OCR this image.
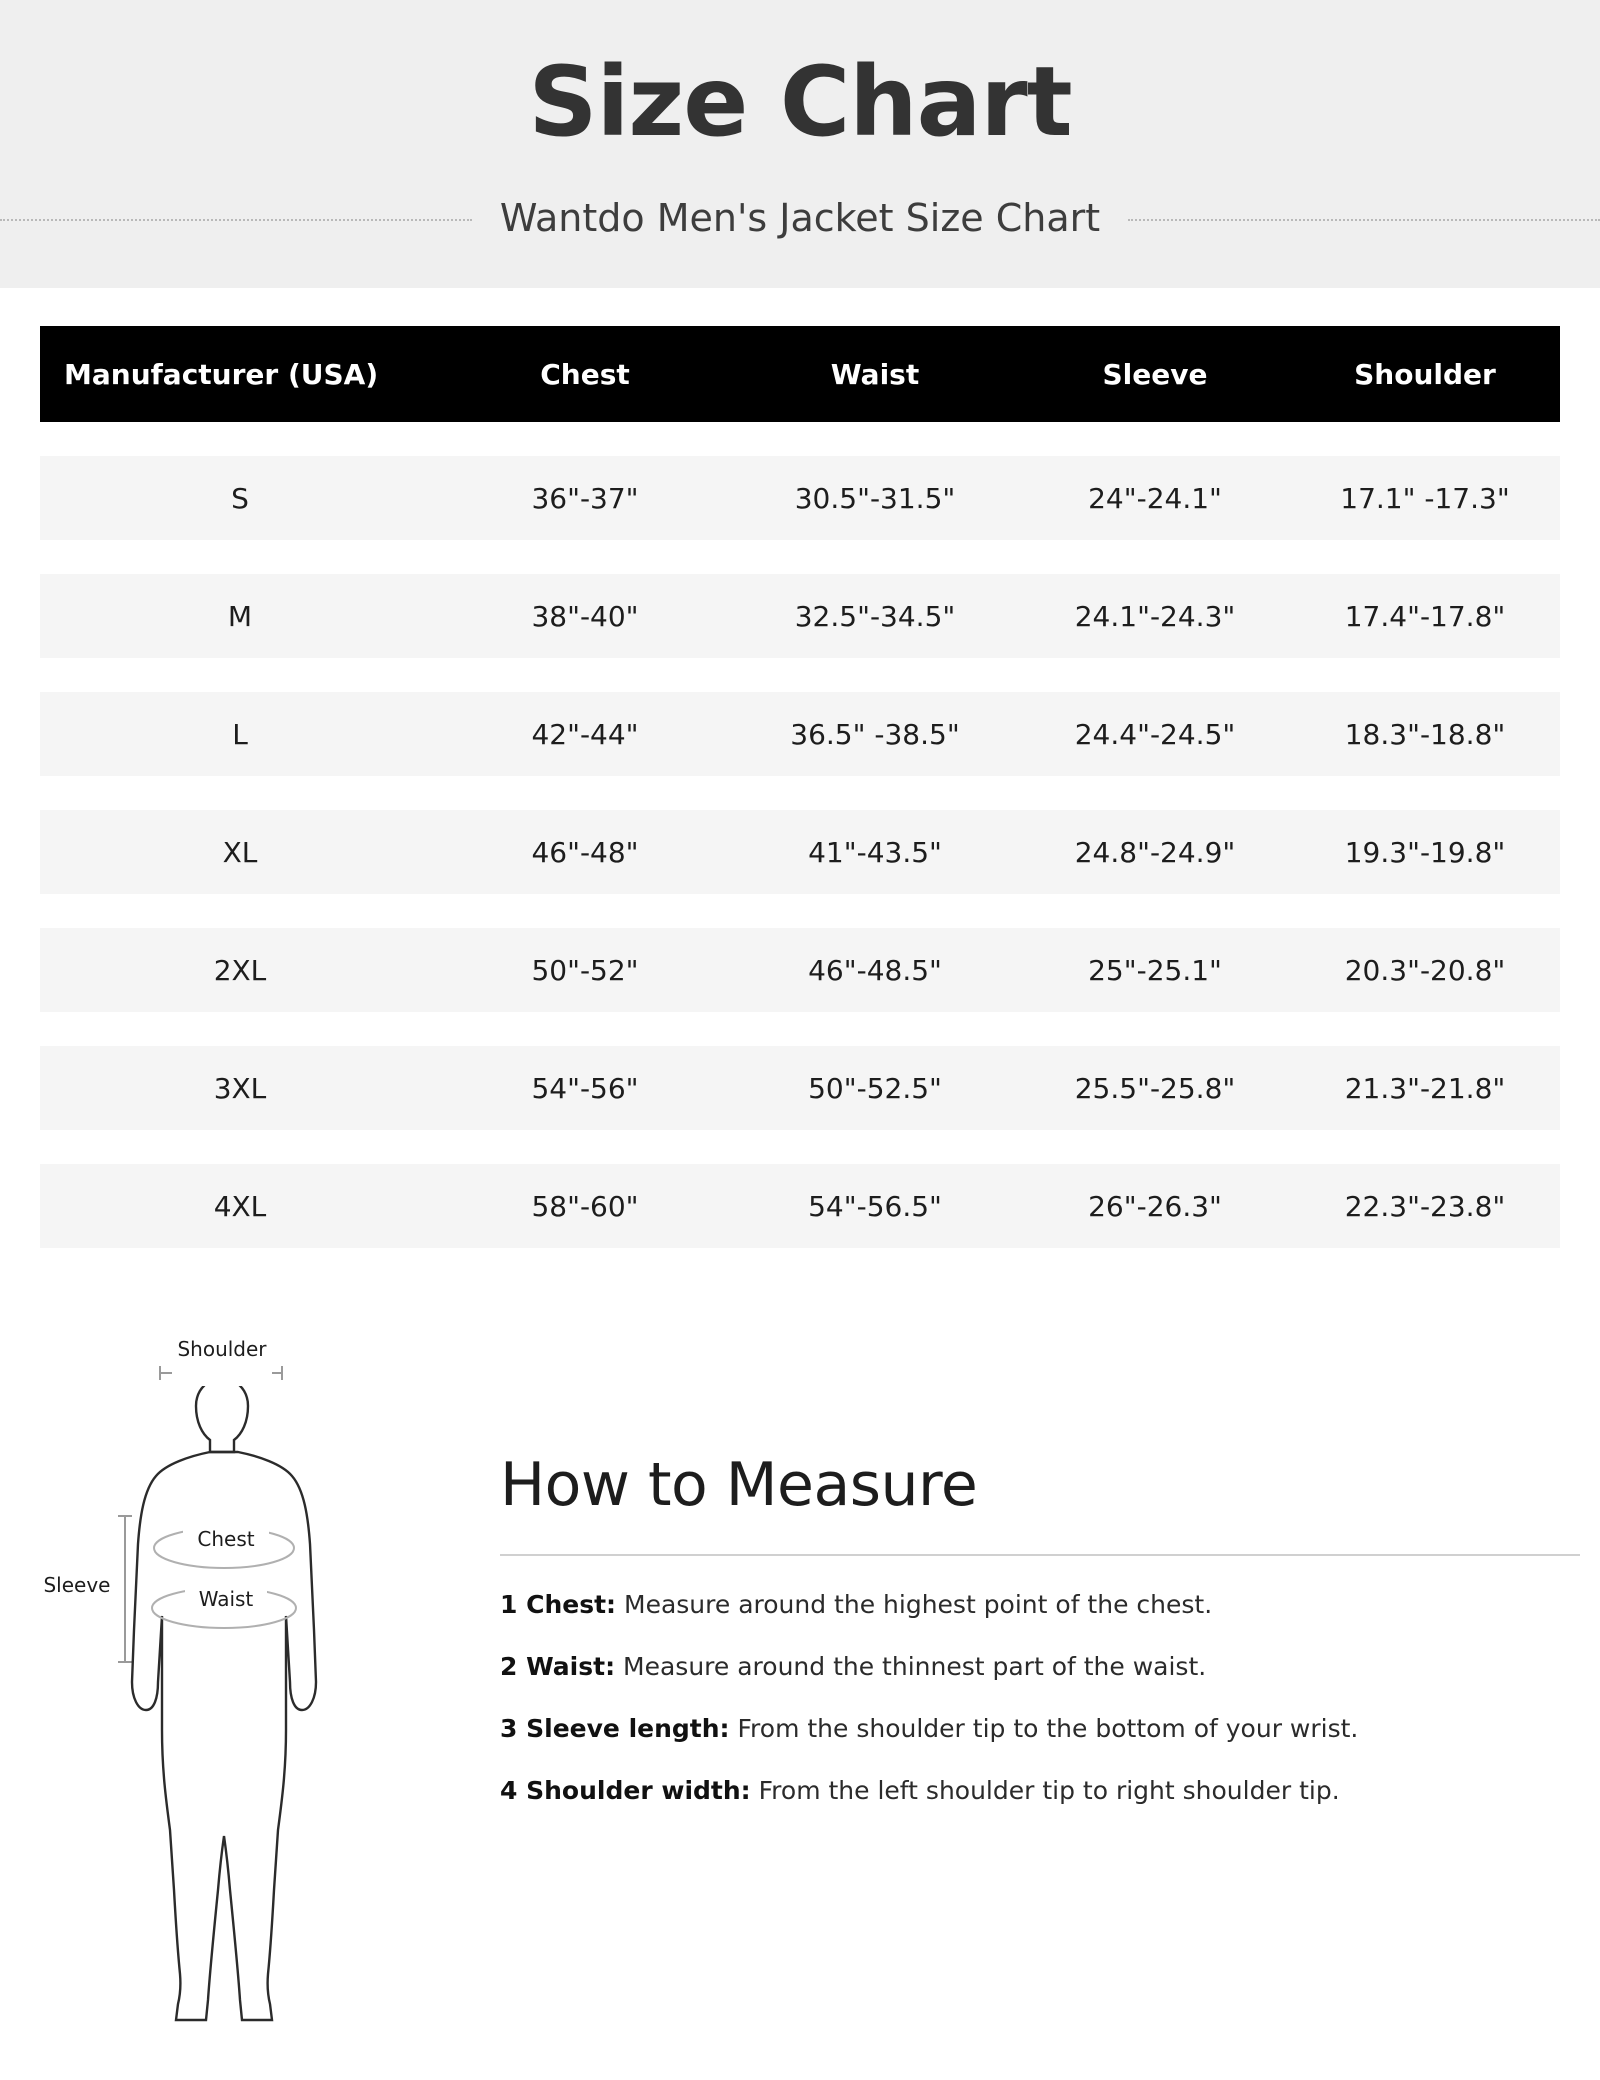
Size Chart
Wantdo Men's Jacket Size Chart
Manufacturer (USA)	Chest	Waist	Sleeve	Shoulder

S	36"-37"	30.5"-31.5"	24"-24.1"	17.1" -17.3"

M	38"-40"	32.5"-34.5"	24.1"-24.3"	17.4"-17.8"

L	42"-44"	36.5" -38.5"	24.4"-24.5"	18.3"-18.8"

XL	46"-48"	41"-43.5"	24.8"-24.9"	19.3"-19.8"

2XL	50"-52"	46"-48.5"	25"-25.1"	20.3"-20.8"

3XL	54"-56"	50"-52.5"	25.5"-25.8"	21.3"-21.8"

4XL	58"-60"	54"-56.5"	26"-26.3"	22.3"-23.8"
Shoulder
Sleeve
Chest
Waist
How to Measure
1 Chest: Measure around the highest point of the chest.
2 Waist: Measure around the thinnest part of the waist.
3 Sleeve length: From the shoulder tip to the bottom of your wrist.
4 Shoulder width: From the left shoulder tip to right shoulder tip.
